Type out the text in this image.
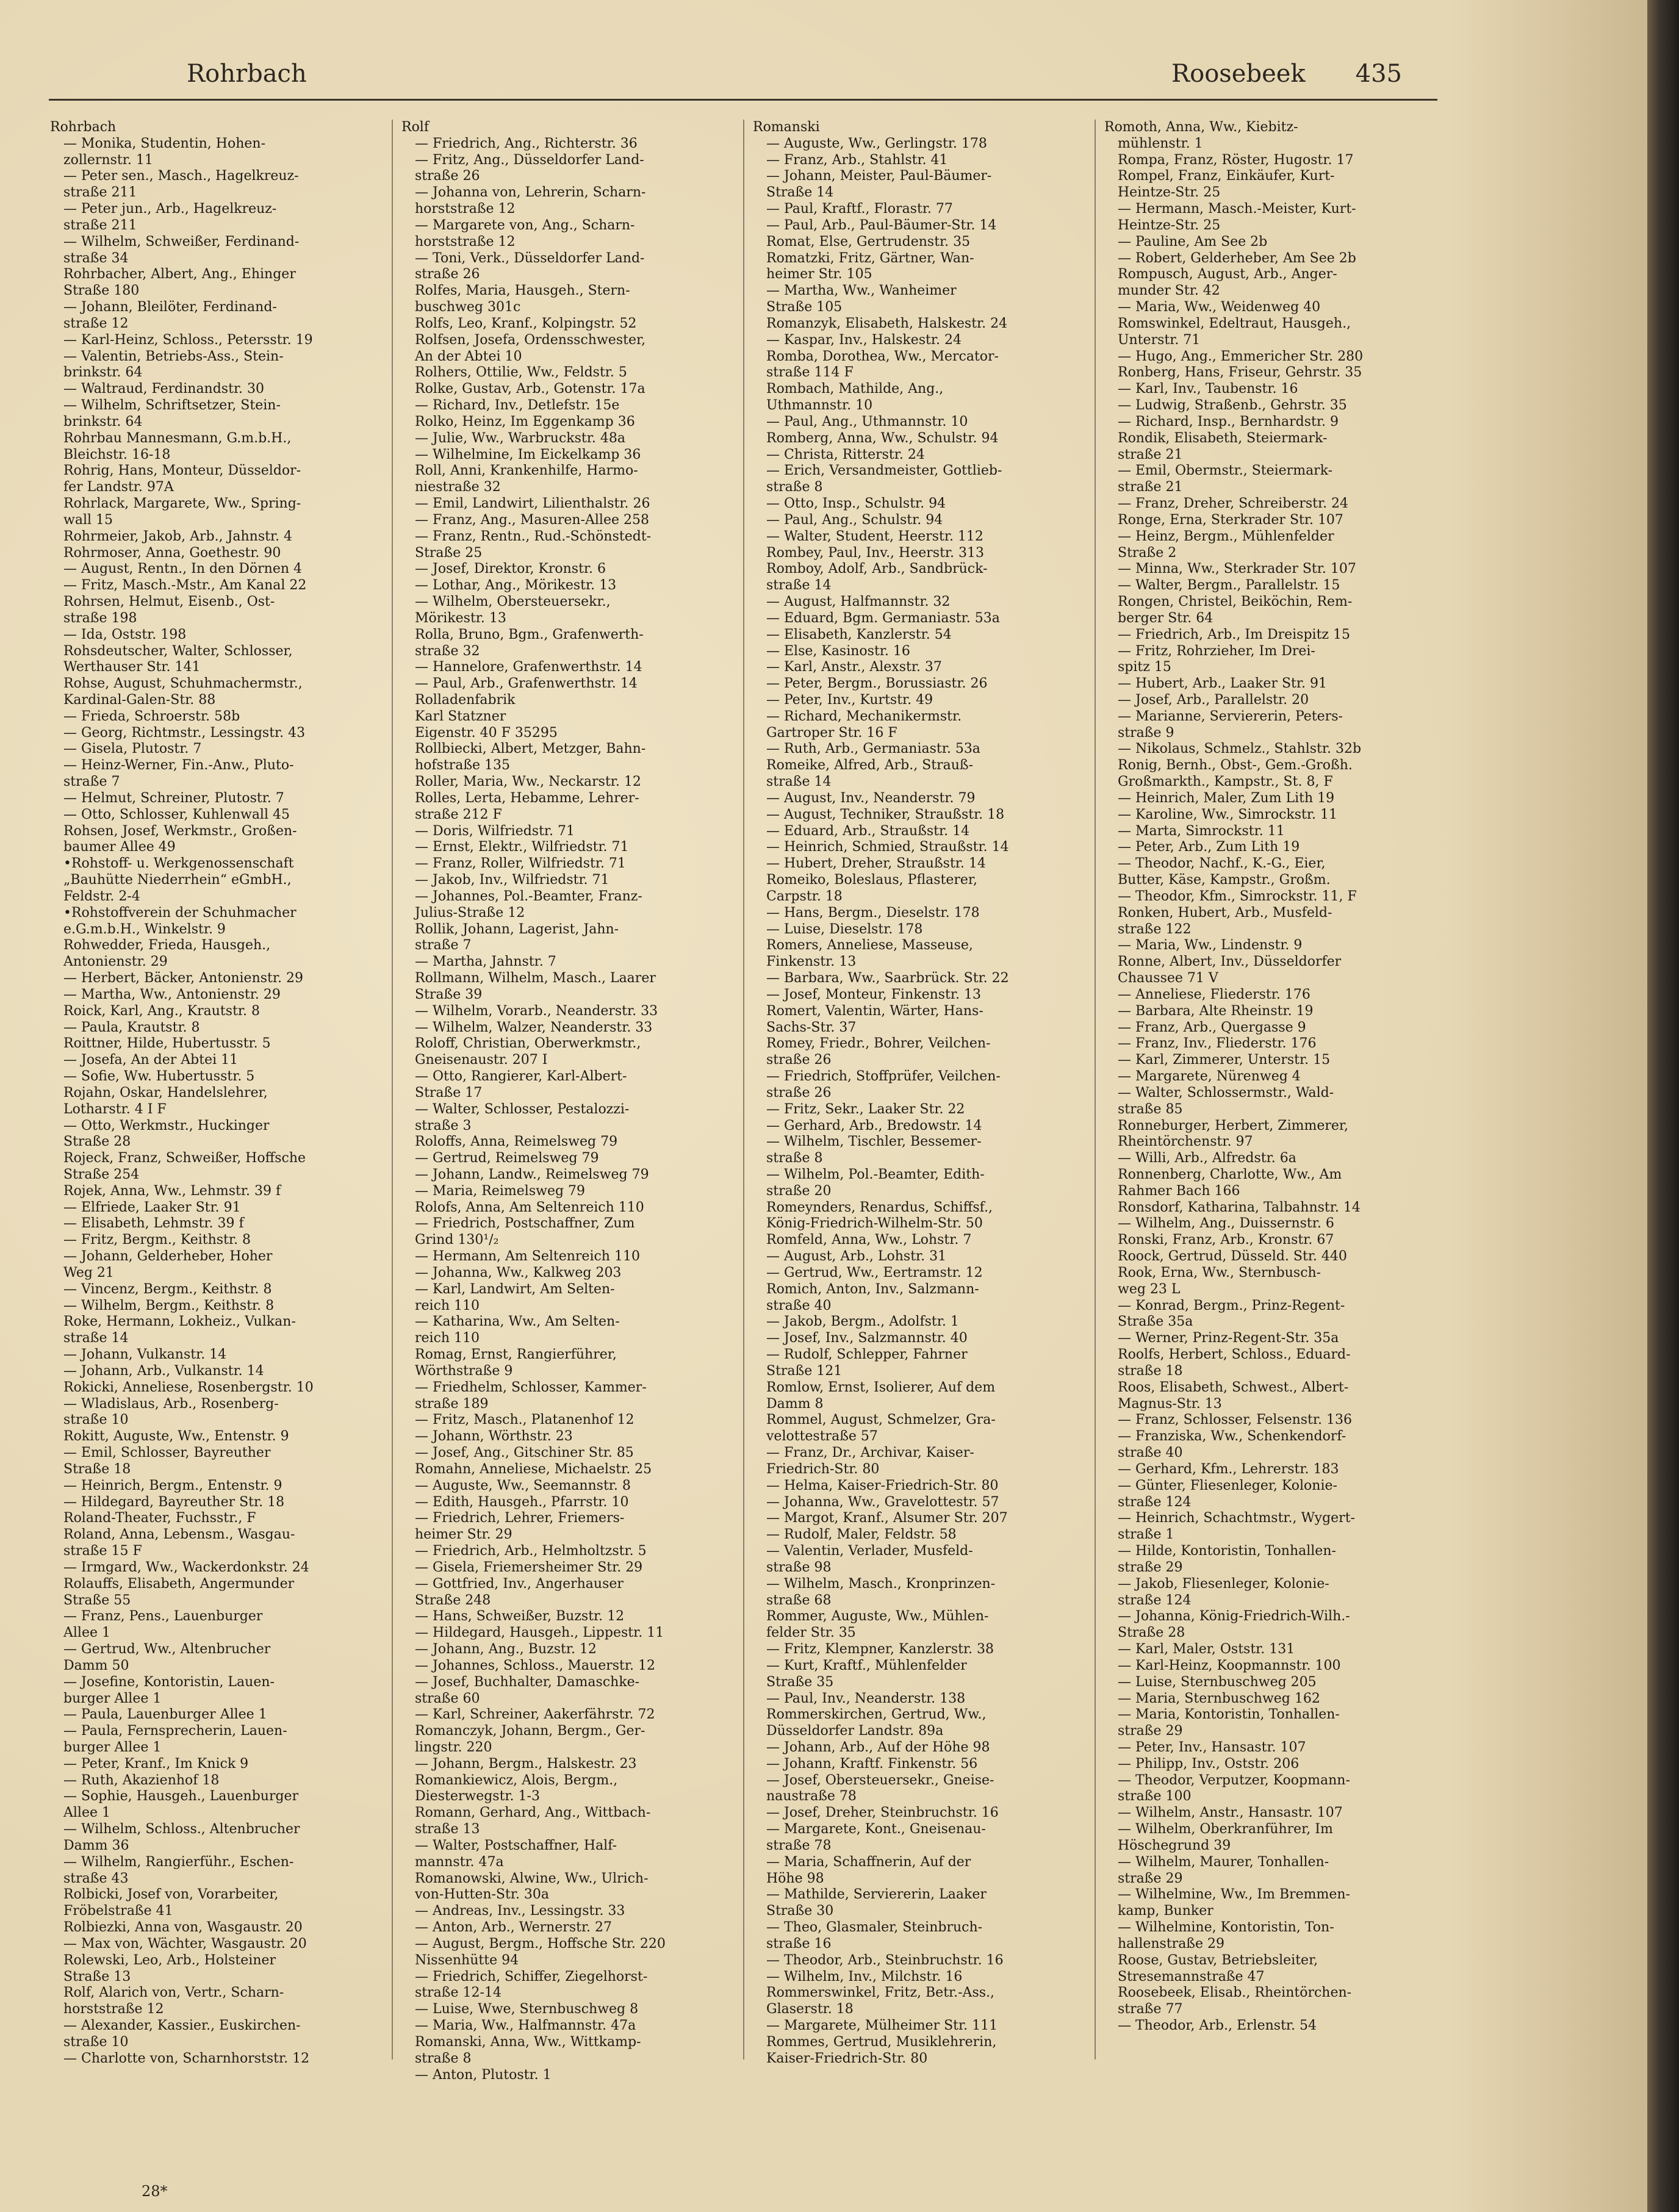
Rohrbach	Roosebeek 435

Rohrbach
— Monika, Studentin, Hohen-
zollernstr. 11
— Peter sen., Masch., Hagelkreuz-
straße 211
— Peter jun., Arb., Hagelkreuz-
straße 211
— Wilhelm, Schweißer, Ferdinand-
straße 34
Rohrbacher, Albert, Ang., Ehinger
Straße 180
— Johann, Bleilöter, Ferdinand-
straße 12
— Karl-Heinz, Schloss., Petersstr. 19
— Valentin, Betriebs-Ass., Stein-
brinkstr. 64
— Waltraud, Ferdinandstr. 30
— Wilhelm, Schriftsetzer, Stein-
brinkstr. 64
Rohrbau Mannesmann, G.m.b.H.,
Bleichstr. 16-18
Rohrig, Hans, Monteur, Düsseldor-
fer Landstr. 97A
Rohrlack, Margarete, Ww., Spring-
wall 15
Rohrmeier, Jakob, Arb., Jahnstr. 4
Rohrmoser, Anna, Goethestr. 90
— August, Rentn., In den Dörnen 4
— Fritz, Masch.-Mstr., Am Kanal 22
Rohrsen, Helmut, Eisenb., Ost-
straße 198
— Ida, Oststr. 198
Rohsdeutscher, Walter, Schlosser,
Werthauser Str. 141
Rohse, August, Schuhmachermstr.,
Kardinal-Galen-Str. 88
— Frieda, Schroerstr. 58b
— Georg, Richtmstr., Lessingstr. 43
— Gisela, Plutostr. 7
— Heinz-Werner, Fin.-Anw., Pluto-
straße 7
— Helmut, Schreiner, Plutostr. 7
— Otto, Schlosser, Kuhlenwall 45
Rohsen, Josef, Werkmstr., Großen-
baumer Allee 49
•Rohstoff- u. Werkgenossenschaft
„Bauhütte Niederrhein“ eGmbH.,
Feldstr. 2-4
•Rohstoffverein der Schuhmacher
e.G.m.b.H., Winkelstr. 9
Rohwedder, Frieda, Hausgeh.,
Antonienstr. 29
— Herbert, Bäcker, Antonienstr. 29
— Martha, Ww., Antonienstr. 29
Roick, Karl, Ang., Krautstr. 8
— Paula, Krautstr. 8
Roittner, Hilde, Hubertusstr. 5
— Josefa, An der Abtei 11
— Sofie, Ww. Hubertusstr. 5
Rojahn, Oskar, Handelslehrer,
Lotharstr. 4 I F
— Otto, Werkmstr., Huckinger
Straße 28
Rojeck, Franz, Schweißer, Hoffsche
Straße 254
Rojek, Anna, Ww., Lehmstr. 39 f
— Elfriede, Laaker Str. 91
— Elisabeth, Lehmstr. 39 f
— Fritz, Bergm., Keithstr. 8
— Johann, Gelderheber, Hoher
Weg 21
— Vincenz, Bergm., Keithstr. 8
— Wilhelm, Bergm., Keithstr. 8
Roke, Hermann, Lokheiz., Vulkan-
straße 14
— Johann, Vulkanstr. 14
— Johann, Arb., Vulkanstr. 14
Rokicki, Anneliese, Rosenbergstr. 10
— Wladislaus, Arb., Rosenberg-
straße 10
Rokitt, Auguste, Ww., Entenstr. 9
— Emil, Schlosser, Bayreuther
Straße 18
— Heinrich, Bergm., Entenstr. 9
— Hildegard, Bayreuther Str. 18
Roland-Theater, Fuchsstr., F
Roland, Anna, Lebensm., Wasgau-
straße 15 F
— Irmgard, Ww., Wackerdonkstr. 24
Rolauffs, Elisabeth, Angermunder
Straße 55
— Franz, Pens., Lauenburger
Allee 1
— Gertrud, Ww., Altenbrucher
Damm 50
— Josefine, Kontoristin, Lauen-
burger Allee 1
— Paula, Lauenburger Allee 1
— Paula, Fernsprecherin, Lauen-
burger Allee 1
— Peter, Kranf., Im Knick 9
— Ruth, Akazienhof 18
— Sophie, Hausgeh., Lauenburger
Allee 1
— Wilhelm, Schloss., Altenbrucher
Damm 36
— Wilhelm, Rangierführ., Eschen-
straße 43
Rolbicki, Josef von, Vorarbeiter,
Fröbelstraße 41
Rolbiezki, Anna von, Wasgaustr. 20
— Max von, Wächter, Wasgaustr. 20
Rolewski, Leo, Arb., Holsteiner
Straße 13
Rolf, Alarich von, Vertr., Scharn-
horststraße 12
— Alexander, Kassier., Euskirchen-
straße 10
— Charlotte von, Scharnhorststr. 12

Rolf
— Friedrich, Ang., Richterstr. 36
— Fritz, Ang., Düsseldorfer Land-
straße 26
— Johanna von, Lehrerin, Scharn-
horststraße 12
— Margarete von, Ang., Scharn-
horststraße 12
— Toni, Verk., Düsseldorfer Land-
straße 26
Rolfes, Maria, Hausgeh., Stern-
buschweg 301c
Rolfs, Leo, Kranf., Kolpingstr. 52
Rolfsen, Josefa, Ordensschwester,
An der Abtei 10
Rolhers, Ottilie, Ww., Feldstr. 5
Rolke, Gustav, Arb., Gotenstr. 17a
— Richard, Inv., Detlefstr. 15e
Rolko, Heinz, Im Eggenkamp 36
— Julie, Ww., Warbruckstr. 48a
— Wilhelmine, Im Eickelkamp 36
Roll, Anni, Krankenhilfe, Harmo-
niestraße 32
— Emil, Landwirt, Lilienthalstr. 26
— Franz, Ang., Masuren-Allee 258
— Franz, Rentn., Rud.-Schönstedt-
Straße 25
— Josef, Direktor, Kronstr. 6
— Lothar, Ang., Mörikestr. 13
— Wilhelm, Obersteuersekr.,
Mörikestr. 13
Rolla, Bruno, Bgm., Grafenwerth-
straße 32
— Hannelore, Grafenwerthstr. 14
— Paul, Arb., Grafenwerthstr. 14
Rolladenfabrik
Karl Statzner
Eigenstr. 40 F 35295
Rollbiecki, Albert, Metzger, Bahn-
hofstraße 135
Roller, Maria, Ww., Neckarstr. 12
Rolles, Lerta, Hebamme, Lehrer-
straße 212 F
— Doris, Wilfriedstr. 71
— Ernst, Elektr., Wilfriedstr. 71
— Franz, Roller, Wilfriedstr. 71
— Jakob, Inv., Wilfriedstr. 71
— Johannes, Pol.-Beamter, Franz-
Julius-Straße 12
Rollik, Johann, Lagerist, Jahn-
straße 7
— Martha, Jahnstr. 7
Rollmann, Wilhelm, Masch., Laarer
Straße 39
— Wilhelm, Vorarb., Neanderstr. 33
— Wilhelm, Walzer, Neanderstr. 33
Roloff, Christian, Oberwerkmstr.,
Gneisenaustr. 207 I
— Otto, Rangierer, Karl-Albert-
Straße 17
— Walter, Schlosser, Pestalozzi-
straße 3
Roloffs, Anna, Reimelsweg 79
— Gertrud, Reimelsweg 79
— Johann, Landw., Reimelsweg 79
— Maria, Reimelsweg 79
Rolofs, Anna, Am Seltenreich 110
— Friedrich, Postschaffner, Zum
Grind 130¹/₂
— Hermann, Am Seltenreich 110
— Johanna, Ww., Kalkweg 203
— Karl, Landwirt, Am Selten-
reich 110
— Katharina, Ww., Am Selten-
reich 110
Romag, Ernst, Rangierführer,
Wörthstraße 9
— Friedhelm, Schlosser, Kammer-
straße 189
— Fritz, Masch., Platanenhof 12
— Johann, Wörthstr. 23
— Josef, Ang., Gitschiner Str. 85
Romahn, Anneliese, Michaelstr. 25
— Auguste, Ww., Seemannstr. 8
— Edith, Hausgeh., Pfarrstr. 10
— Friedrich, Lehrer, Friemers-
heimer Str. 29
— Friedrich, Arb., Helmholtzstr. 5
— Gisela, Friemersheimer Str. 29
— Gottfried, Inv., Angerhauser
Straße 248
— Hans, Schweißer, Buzstr. 12
— Hildegard, Hausgeh., Lippestr. 11
— Johann, Ang., Buzstr. 12
— Johannes, Schloss., Mauerstr. 12
— Josef, Buchhalter, Damaschke-
straße 60
— Karl, Schreiner, Aakerfährstr. 72
Romanczyk, Johann, Bergm., Ger-
lingstr. 220
— Johann, Bergm., Halskestr. 23
Romankiewicz, Alois, Bergm.,
Diesterwegstr. 1-3
Romann, Gerhard, Ang., Wittbach-
straße 13
— Walter, Postschaffner, Half-
mannstr. 47a
Romanowski, Alwine, Ww., Ulrich-
von-Hutten-Str. 30a
— Andreas, Inv., Lessingstr. 33
— Anton, Arb., Wernerstr. 27
— August, Bergm., Hoffsche Str. 220
Nissenhütte 94
— Friedrich, Schiffer, Ziegelhorst-
straße 12-14
— Luise, Wwe, Sternbuschweg 8
— Maria, Ww., Halfmannstr. 47a
Romanski, Anna, Ww., Wittkamp-
straße 8
— Anton, Plutostr. 1

Romanski
— Auguste, Ww., Gerlingstr. 178
— Franz, Arb., Stahlstr. 41
— Johann, Meister, Paul-Bäumer-
Straße 14
— Paul, Kraftf., Florastr. 77
— Paul, Arb., Paul-Bäumer-Str. 14
Romat, Else, Gertrudenstr. 35
Romatzki, Fritz, Gärtner, Wan-
heimer Str. 105
— Martha, Ww., Wanheimer
Straße 105
Romanzyk, Elisabeth, Halskestr. 24
— Kaspar, Inv., Halskestr. 24
Romba, Dorothea, Ww., Mercator-
straße 114 F
Rombach, Mathilde, Ang.,
Uthmannstr. 10
— Paul, Ang., Uthmannstr. 10
Romberg, Anna, Ww., Schulstr. 94
— Christa, Ritterstr. 24
— Erich, Versandmeister, Gottlieb-
straße 8
— Otto, Insp., Schulstr. 94
— Paul, Ang., Schulstr. 94
— Walter, Student, Heerstr. 112
Rombey, Paul, Inv., Heerstr. 313
Romboy, Adolf, Arb., Sandbrück-
straße 14
— August, Halfmannstr. 32
— Eduard, Bgm. Germaniastr. 53a
— Elisabeth, Kanzlerstr. 54
— Else, Kasinostr. 16
— Karl, Anstr., Alexstr. 37
— Peter, Bergm., Borussiastr. 26
— Peter, Inv., Kurtstr. 49
— Richard, Mechanikermstr.
Gartroper Str. 16 F
— Ruth, Arb., Germaniastr. 53a
Romeike, Alfred, Arb., Strauß-
straße 14
— August, Inv., Neanderstr. 79
— August, Techniker, Straußstr. 18
— Eduard, Arb., Straußstr. 14
— Heinrich, Schmied, Straußstr. 14
— Hubert, Dreher, Straußstr. 14
Romeiko, Boleslaus, Pflasterer,
Carpstr. 18
— Hans, Bergm., Dieselstr. 178
— Luise, Dieselstr. 178
Romers, Anneliese, Masseuse,
Finkenstr. 13
— Barbara, Ww., Saarbrück. Str. 22
— Josef, Monteur, Finkenstr. 13
Romert, Valentin, Wärter, Hans-
Sachs-Str. 37
Romey, Friedr., Bohrer, Veilchen-
straße 26
— Friedrich, Stoffprüfer, Veilchen-
straße 26
— Fritz, Sekr., Laaker Str. 22
— Gerhard, Arb., Bredowstr. 14
— Wilhelm, Tischler, Bessemer-
straße 8
— Wilhelm, Pol.-Beamter, Edith-
straße 20
Romeynders, Renardus, Schiffsf.,
König-Friedrich-Wilhelm-Str. 50
Romfeld, Anna, Ww., Lohstr. 7
— August, Arb., Lohstr. 31
— Gertrud, Ww., Eertramstr. 12
Romich, Anton, Inv., Salzmann-
straße 40
— Jakob, Bergm., Adolfstr. 1
— Josef, Inv., Salzmannstr. 40
— Rudolf, Schlepper, Fahrner
Straße 121
Romlow, Ernst, Isolierer, Auf dem
Damm 8
Rommel, August, Schmelzer, Gra-
velottestraße 57
— Franz, Dr., Archivar, Kaiser-
Friedrich-Str. 80
— Helma, Kaiser-Friedrich-Str. 80
— Johanna, Ww., Gravelottestr. 57
— Margot, Kranf., Alsumer Str. 207
— Rudolf, Maler, Feldstr. 58
— Valentin, Verlader, Musfeld-
straße 98
— Wilhelm, Masch., Kronprinzen-
straße 68
Rommer, Auguste, Ww., Mühlen-
felder Str. 35
— Fritz, Klempner, Kanzlerstr. 38
— Kurt, Kraftf., Mühlenfelder
Straße 35
— Paul, Inv., Neanderstr. 138
Rommerskirchen, Gertrud, Ww.,
Düsseldorfer Landstr. 89a
— Johann, Arb., Auf der Höhe 98
— Johann, Kraftf. Finkenstr. 56
— Josef, Obersteuersekr., Gneise-
naustraße 78
— Josef, Dreher, Steinbruchstr. 16
— Margarete, Kont., Gneisenau-
straße 78
— Maria, Schaffnerin, Auf der
Höhe 98
— Mathilde, Serviererin, Laaker
Straße 30
— Theo, Glasmaler, Steinbruch-
straße 16
— Theodor, Arb., Steinbruchstr. 16
— Wilhelm, Inv., Milchstr. 16
Rommerswinkel, Fritz, Betr.-Ass.,
Glaserstr. 18
— Margarete, Mülheimer Str. 111
Rommes, Gertrud, Musiklehrerin,
Kaiser-Friedrich-Str. 80

Romoth, Anna, Ww., Kiebitz-
mühlenstr. 1
Rompa, Franz, Röster, Hugostr. 17
Rompel, Franz, Einkäufer, Kurt-
Heintze-Str. 25
— Hermann, Masch.-Meister, Kurt-
Heintze-Str. 25
— Pauline, Am See 2b
— Robert, Gelderheber, Am See 2b
Rompusch, August, Arb., Anger-
munder Str. 42
— Maria, Ww., Weidenweg 40
Romswinkel, Edeltraut, Hausgeh.,
Unterstr. 71
— Hugo, Ang., Emmericher Str. 280
Ronberg, Hans, Friseur, Gehrstr. 35
— Karl, Inv., Taubenstr. 16
— Ludwig, Straßenb., Gehrstr. 35
— Richard, Insp., Bernhardstr. 9
Rondik, Elisabeth, Steiermark-
straße 21
— Emil, Obermstr., Steiermark-
straße 21
— Franz, Dreher, Schreiberstr. 24
Ronge, Erna, Sterkrader Str. 107
— Heinz, Bergm., Mühlenfelder
Straße 2
— Minna, Ww., Sterkrader Str. 107
— Walter, Bergm., Parallelstr. 15
Rongen, Christel, Beiköchin, Rem-
berger Str. 64
— Friedrich, Arb., Im Dreispitz 15
— Fritz, Rohrzieher, Im Drei-
spitz 15
— Hubert, Arb., Laaker Str. 91
— Josef, Arb., Parallelstr. 20
— Marianne, Serviererin, Peters-
straße 9
— Nikolaus, Schmelz., Stahlstr. 32b
Ronig, Bernh., Obst-, Gem.-Großh.
Großmarkth., Kampstr., St. 8, F
— Heinrich, Maler, Zum Lith 19
— Karoline, Ww., Simrockstr. 11
— Marta, Simrockstr. 11
— Peter, Arb., Zum Lith 19
— Theodor, Nachf., K.-G., Eier,
Butter, Käse, Kampstr., Großm.
— Theodor, Kfm., Simrockstr. 11, F
Ronken, Hubert, Arb., Musfeld-
straße 122
— Maria, Ww., Lindenstr. 9
Ronne, Albert, Inv., Düsseldorfer
Chaussee 71 V
— Anneliese, Fliederstr. 176
— Barbara, Alte Rheinstr. 19
— Franz, Arb., Quergasse 9
— Franz, Inv., Fliederstr. 176
— Karl, Zimmerer, Unterstr. 15
— Margarete, Nürenweg 4
— Walter, Schlossermstr., Wald-
straße 85
Ronneburger, Herbert, Zimmerer,
Rheintörchenstr. 97
— Willi, Arb., Alfredstr. 6a
Ronnenberg, Charlotte, Ww., Am
Rahmer Bach 166
Ronsdorf, Katharina, Talbahnstr. 14
— Wilhelm, Ang., Duissernstr. 6
Ronski, Franz, Arb., Kronstr. 67
Roock, Gertrud, Düsseld. Str. 440
Rook, Erna, Ww., Sternbusch-
weg 23 L
— Konrad, Bergm., Prinz-Regent-
Straße 35a
— Werner, Prinz-Regent-Str. 35a
Roolfs, Herbert, Schloss., Eduard-
straße 18
Roos, Elisabeth, Schwest., Albert-
Magnus-Str. 13
— Franz, Schlosser, Felsenstr. 136
— Franziska, Ww., Schenkendorf-
straße 40
— Gerhard, Kfm., Lehrerstr. 183
— Günter, Fliesenleger, Kolonie-
straße 124
— Heinrich, Schachtmstr., Wygert-
straße 1
— Hilde, Kontoristin, Tonhallen-
straße 29
— Jakob, Fliesenleger, Kolonie-
straße 124
— Johanna, König-Friedrich-Wilh.-
Straße 28
— Karl, Maler, Oststr. 131
— Karl-Heinz, Koopmannstr. 100
— Luise, Sternbuschweg 205
— Maria, Sternbuschweg 162
— Maria, Kontoristin, Tonhallen-
straße 29
— Peter, Inv., Hansastr. 107
— Philipp, Inv., Oststr. 206
— Theodor, Verputzer, Koopmann-
straße 100
— Wilhelm, Anstr., Hansastr. 107
— Wilhelm, Oberkranführer, Im
Höschegrund 39
— Wilhelm, Maurer, Tonhallen-
straße 29
— Wilhelmine, Ww., Im Bremmen-
kamp, Bunker
— Wilhelmine, Kontoristin, Ton-
hallenstraße 29
Roose, Gustav, Betriebsleiter,
Stresemannstraße 47
Roosebeek, Elisab., Rheintörchen-
straße 77
— Theodor, Arb., Erlenstr. 54

28*
